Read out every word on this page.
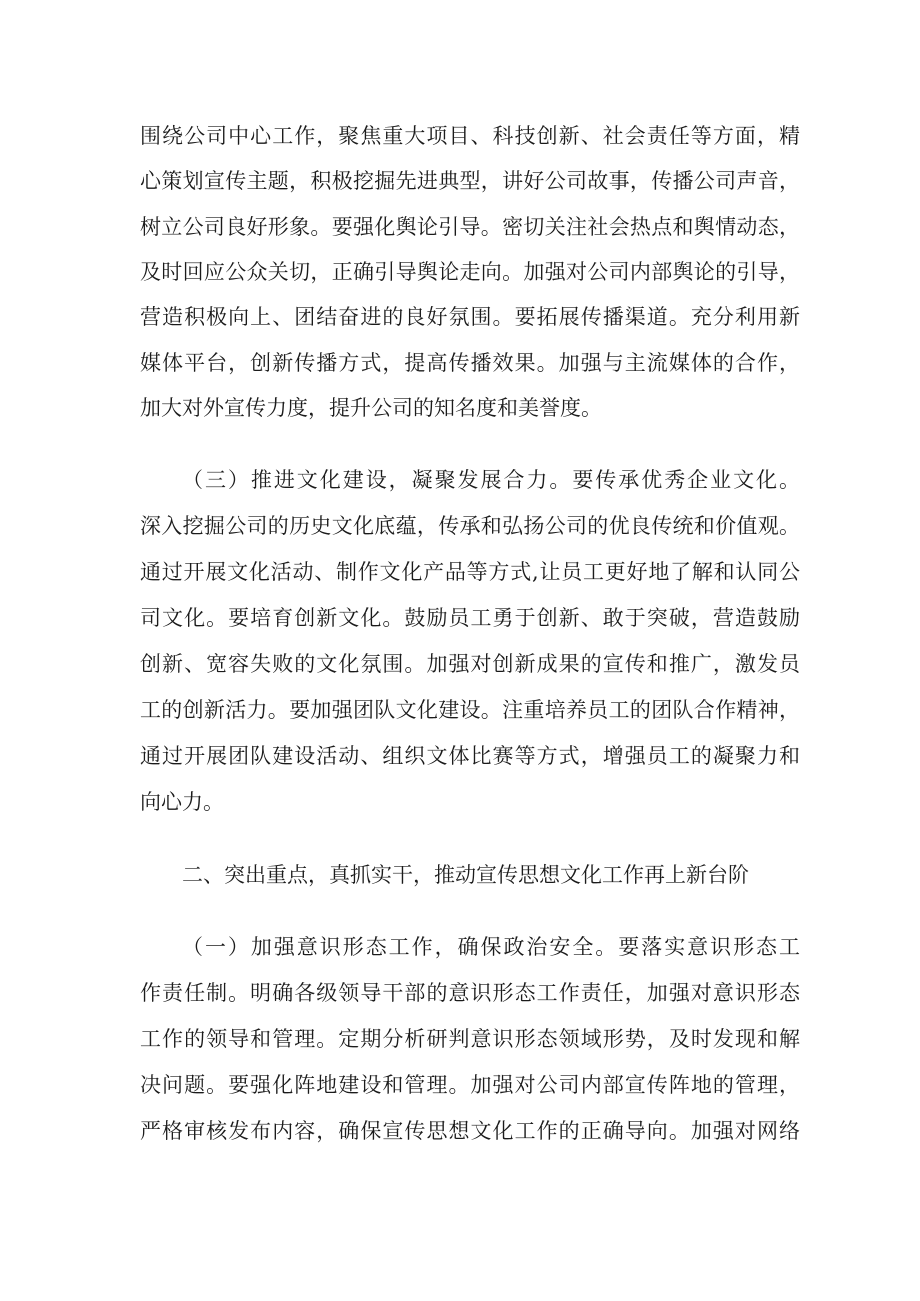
围绕公司中心工作，聚焦重大项目、科技创新、社会责任等方面，精
心策划宣传主题，积极挖掘先进典型，讲好公司故事，传播公司声音，
树立公司良好形象。要强化舆论引导。密切关注社会热点和舆情动态，
及时回应公众关切，正确引导舆论走向。加强对公司内部舆论的引导，
营造积极向上、团结奋进的良好氛围。要拓展传播渠道。充分利用新
媒体平台，创新传播方式，提高传播效果。加强与主流媒体的合作，
加大对外宣传力度，提升公司的知名度和美誉度。
（三）推进文化建设，凝聚发展合力。要传承优秀企业文化。
深入挖掘公司的历史文化底蕴，传承和弘扬公司的优良传统和价值观。
通过开展文化活动、制作文化产品等方式,让员工更好地了解和认同公
司文化。要培育创新文化。鼓励员工勇于创新、敢于突破，营造鼓励
创新、宽容失败的文化氛围。加强对创新成果的宣传和推广，激发员
工的创新活力。要加强团队文化建设。注重培养员工的团队合作精神，
通过开展团队建设活动、组织文体比赛等方式，增强员工的凝聚力和
向心力。
二、突出重点，真抓实干，推动宣传思想文化工作再上新台阶
（一）加强意识形态工作，确保政治安全。要落实意识形态工
作责任制。明确各级领导干部的意识形态工作责任，加强对意识形态
工作的领导和管理。定期分析研判意识形态领域形势，及时发现和解
决问题。要强化阵地建设和管理。加强对公司内部宣传阵地的管理，
严格审核发布内容，确保宣传思想文化工作的正确导向。加强对网络
